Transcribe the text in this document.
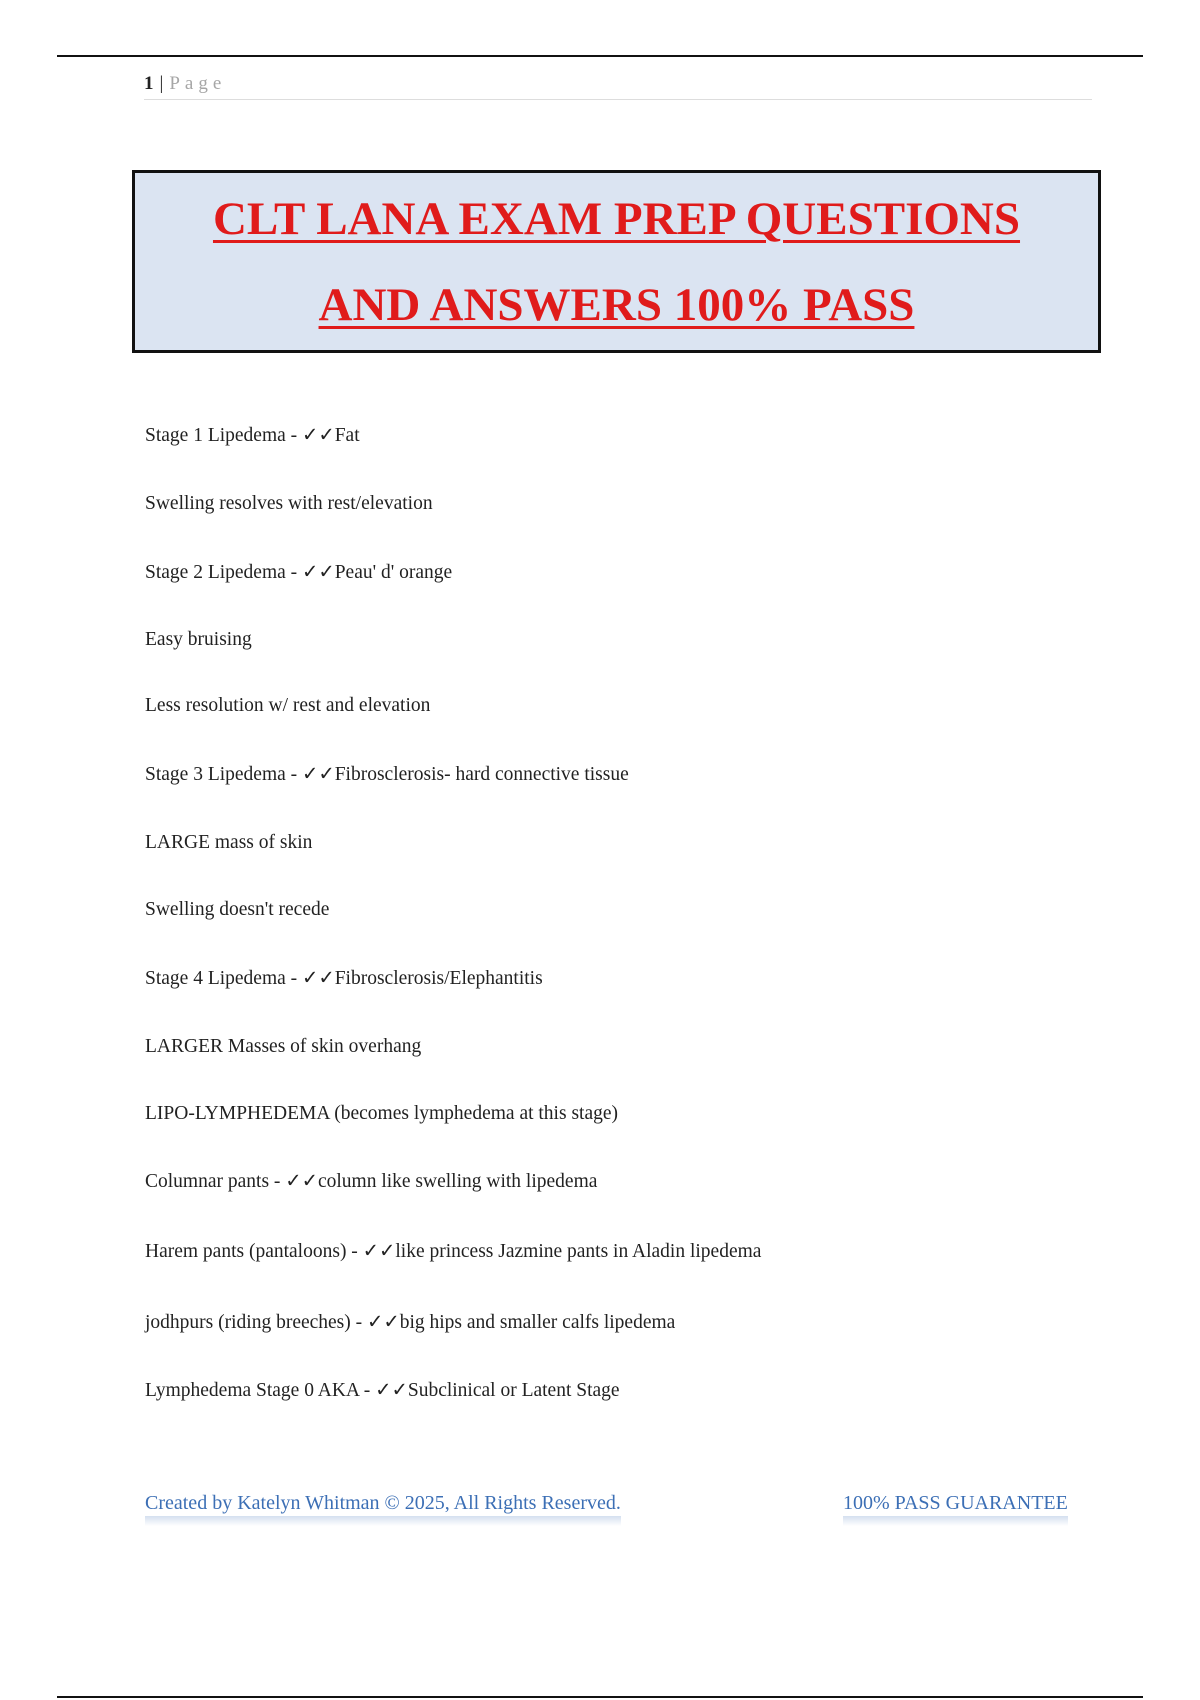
1 | Page
CLT LANA EXAM PREP QUESTIONS
AND ANSWERS 100% PASS
Stage 1 Lipedema - ✓✓Fat
Swelling resolves with rest/elevation
Stage 2 Lipedema - ✓✓Peau' d' orange
Easy bruising
Less resolution w/ rest and elevation
Stage 3 Lipedema - ✓✓Fibrosclerosis- hard connective tissue
LARGE mass of skin
Swelling doesn't recede
Stage 4 Lipedema - ✓✓Fibrosclerosis/Elephantitis
LARGER Masses of skin overhang
LIPO-LYMPHEDEMA (becomes lymphedema at this stage)
Columnar pants - ✓✓column like swelling with lipedema
Harem pants (pantaloons) - ✓✓like princess Jazmine pants in Aladin lipedema
jodhpurs (riding breeches) - ✓✓big hips and smaller calfs lipedema
Lymphedema Stage 0 AKA - ✓✓Subclinical or Latent Stage
Created by Katelyn Whitman © 2025, All Rights Reserved.	100% PASS GUARANTEE
